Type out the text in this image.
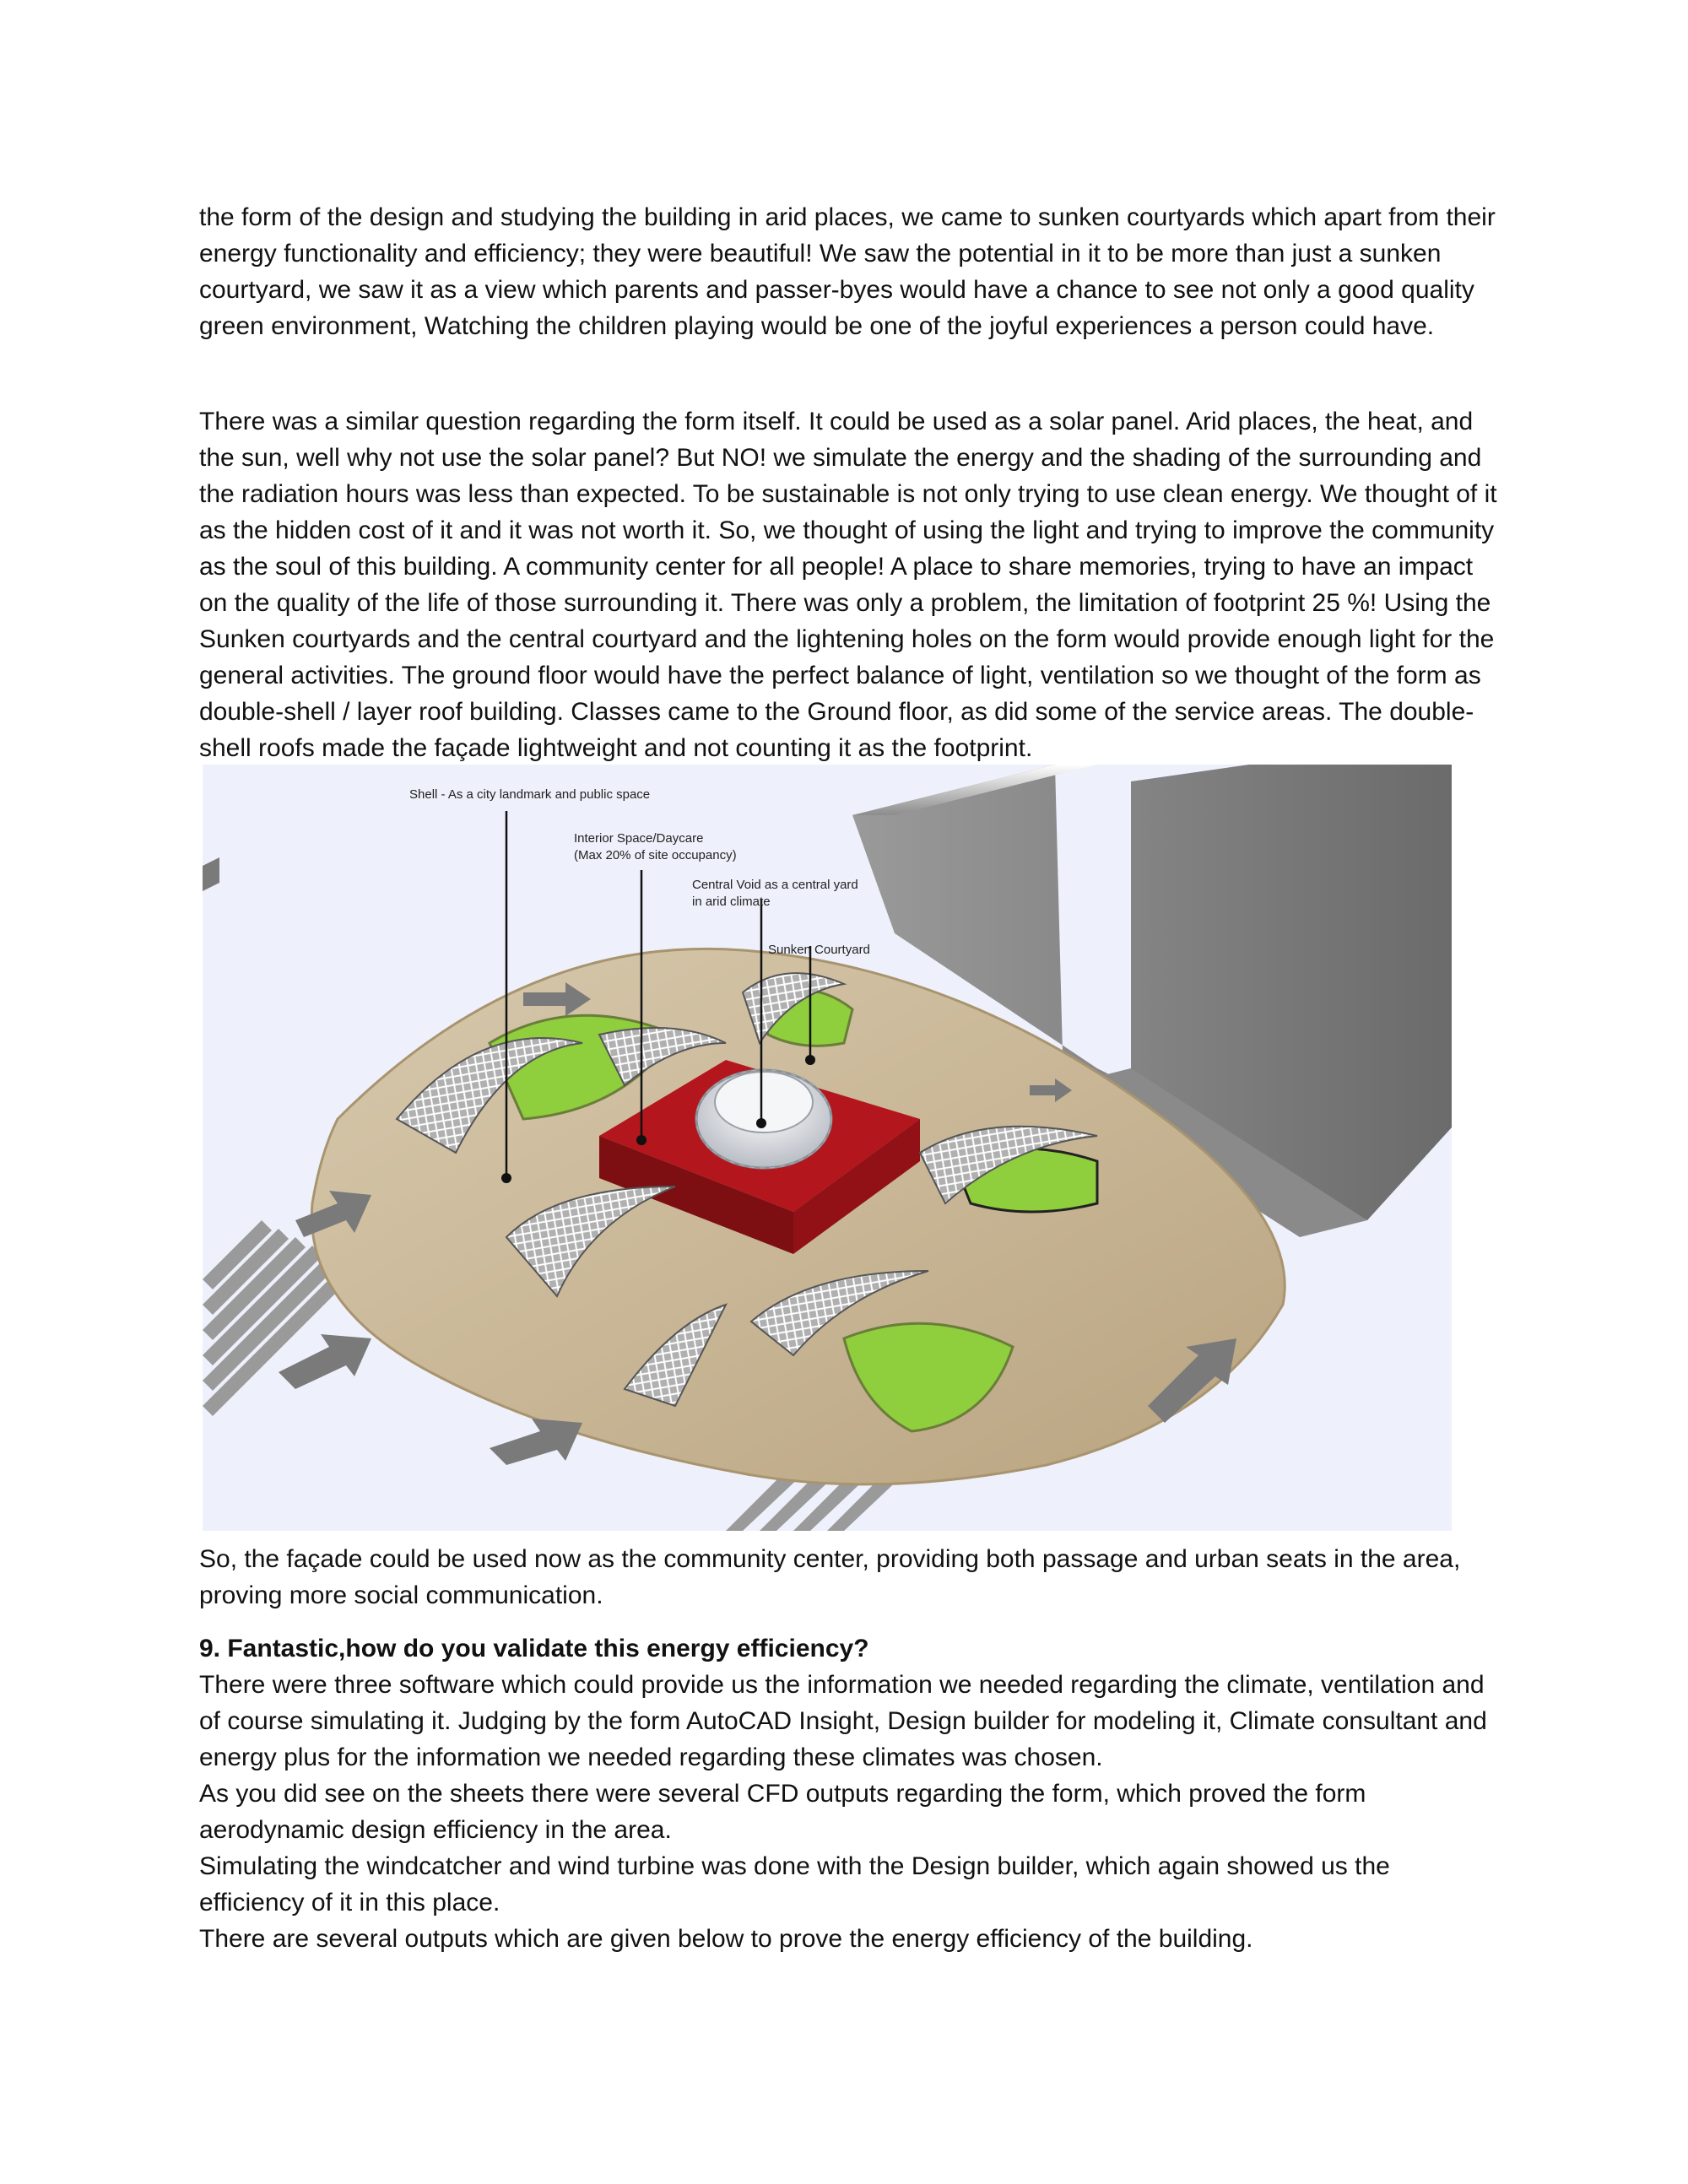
the form of the design and studying the building in arid places, we came to sunken courtyards which apart from their energy functionality and efficiency; they were beautiful! We saw the potential in it to be more than just a sunken courtyard, we saw it as a view which parents and passer-byes would have a chance to see not only a good quality green environment, Watching the children playing would be one of the joyful experiences a person could have.

There was a similar question regarding the form itself. It could be used as a solar panel. Arid places, the heat, and the sun, well why not use the solar panel? But NO! we simulate the energy and the shading of the surrounding and the radiation hours was less than expected. To be sustainable is not only trying to use clean energy. We thought of it as the hidden cost of it and it was not worth it. So, we thought of using the light and trying to improve the community as the soul of this building. A community center for all people! A place to share memories, trying to have an impact on the quality of the life of those surrounding it. There was only a problem, the limitation of footprint 25 %! Using the Sunken courtyards and the central courtyard and the lightening holes on the form would provide enough light for the general activities. The ground floor would have the perfect balance of light, ventilation so we thought of the form as double-shell / layer roof building. Classes came to the Ground floor, as did some of the service areas. The double-shell roofs made the façade lightweight and not counting it as the footprint.

Shell - As a city landmark and public space
Interior Space/Daycare
(Max 20% of site occupancy)
Central Void as a central yard
in arid climate
Sunken Courtyard

So, the façade could be used now as the community center, providing both passage and urban seats in the area, proving more social communication.

9. Fantastic,how do you validate this energy efficiency?

There were three software which could provide us the information we needed regarding the climate, ventilation and of course simulating it. Judging by the form AutoCAD Insight, Design builder for modeling it, Climate consultant and energy plus for the information we needed regarding these climates was chosen.

As you did see on the sheets there were several CFD outputs regarding the form, which proved the form aerodynamic design efficiency in the area.

Simulating the windcatcher and wind turbine was done with the Design builder, which again showed us the efficiency of it in this place.

There are several outputs which are given below to prove the energy efficiency of the building.
